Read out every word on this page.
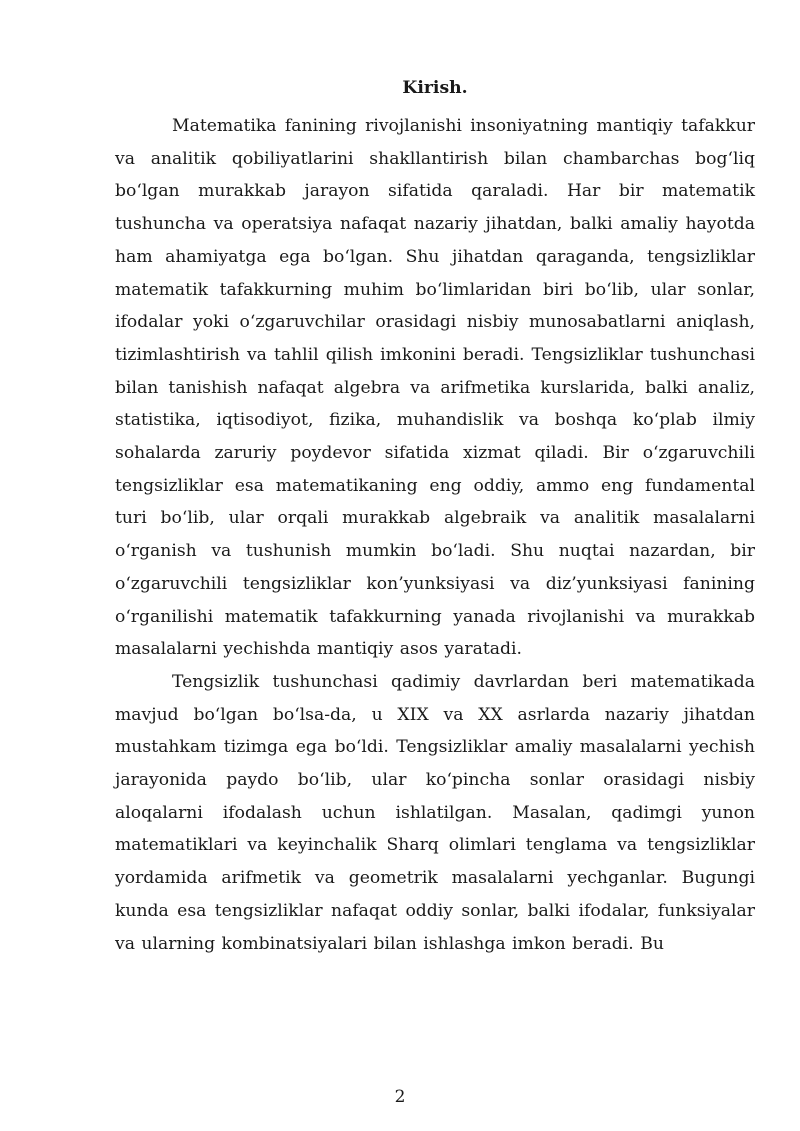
Kirish.

Matematika fanining rivojlanishi insoniyatning mantiqiy tafakkur va analitik qobiliyatlarini shakllantirish bilan chambarchas bog‘liq bo‘lgan murakkab jarayon sifatida qaraladi. Har bir matematik tushuncha va operatsiya nafaqat nazariy jihatdan, balki amaliy hayotda ham ahamiyatga ega bo‘lgan. Shu jihatdan qaraganda, tengsizliklar matematik tafakkurning muhim bo‘limlaridan biri bo‘lib, ular sonlar, ifodalar yoki o‘zgaruvchilar orasidagi nisbiy munosabatlarni aniqlash, tizimlashtirish va tahlil qilish imkonini beradi. Tengsizliklar tushunchasi bilan tanishish nafaqat algebra va arifmetika kurslarida, balki analiz, statistika, iqtisodiyot, fizika, muhandislik va boshqa ko‘plab ilmiy sohalarda zaruriy poydevor sifatida xizmat qiladi. Bir o‘zgaruvchili tengsizliklar esa matematikaning eng oddiy, ammo eng fundamental turi bo‘lib, ular orqali murakkab algebraik va analitik masalalarni o‘rganish va tushunish mumkin bo‘ladi. Shu nuqtai nazardan, bir o‘zgaruvchili tengsizliklar kon’yunksiyasi va diz’yunksiyasi fanining o‘rganilishi matematik tafakkurning yanada rivojlanishi va murakkab masalalarni yechishda mantiqiy asos yaratadi.

Tengsizlik tushunchasi qadimiy davrlardan beri matematikada mavjud bo‘lgan bo‘lsa-da, u XIX va XX asrlarda nazariy jihatdan mustahkam tizimga ega bo‘ldi. Tengsizliklar amaliy masalalarni yechish jarayonida paydo bo‘lib, ular ko‘pincha sonlar orasidagi nisbiy aloqalarni ifodalash uchun ishlatilgan. Masalan, qadimgi yunon matematiklari va keyinchalik Sharq olimlari tenglama va tengsizliklar yordamida arifmetik va geometrik masalalarni yechganlar. Bugungi kunda esa tengsizliklar nafaqat oddiy sonlar, balki ifodalar, funksiyalar va ularning kombinatsiyalari bilan ishlashga imkon beradi. Bu

2
